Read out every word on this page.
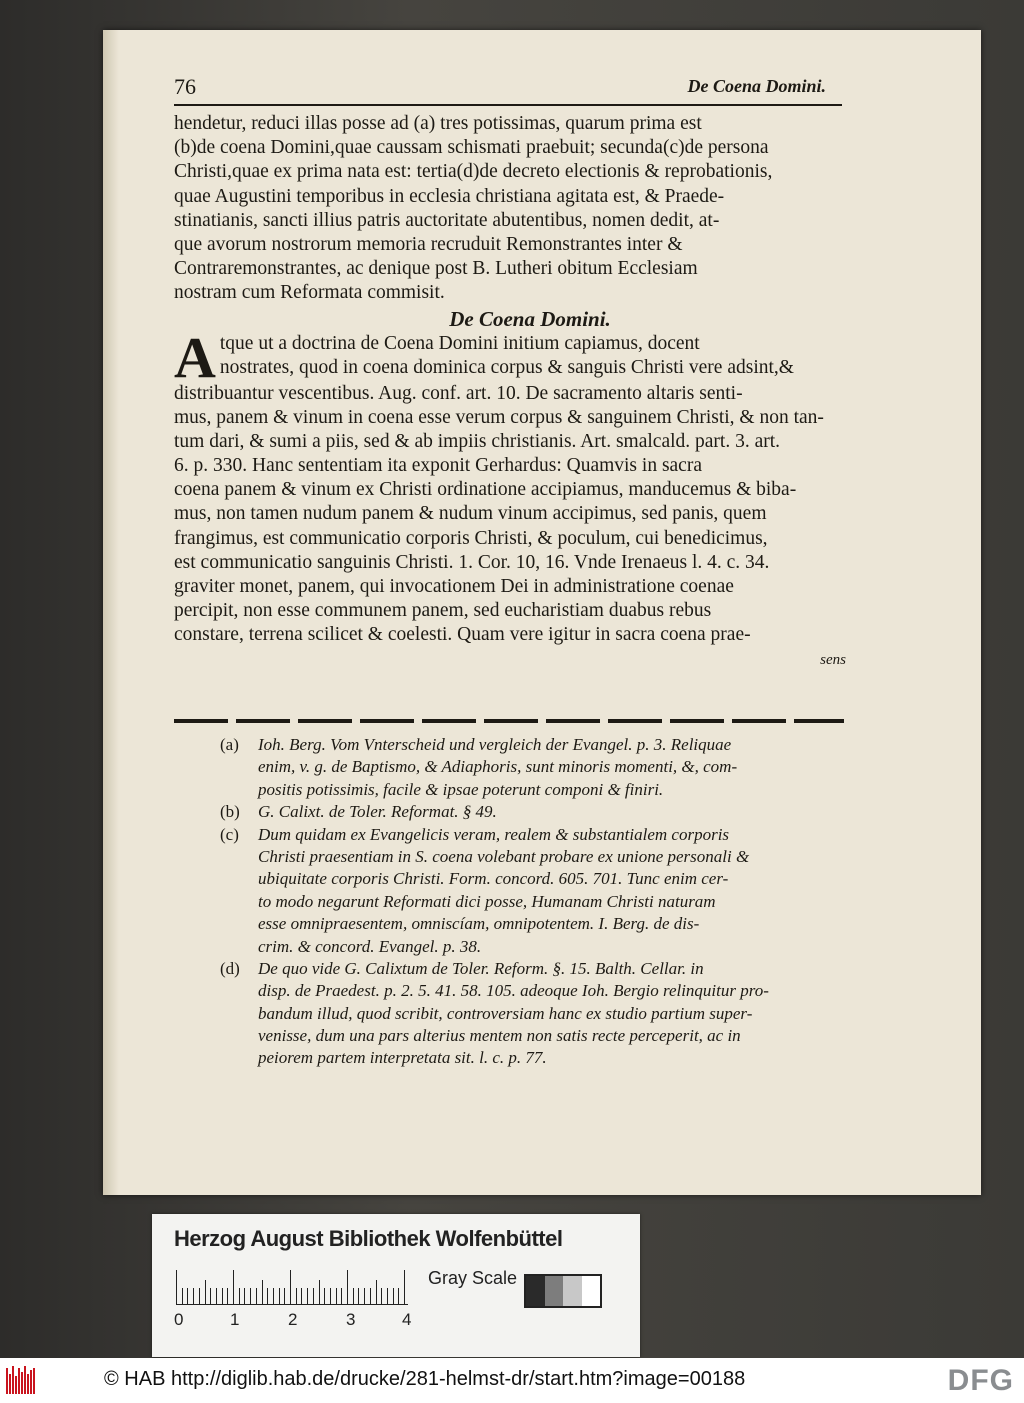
76	De Coena Domini.
hendetur, reduci illas posse ad (a) tres potissimas, quarum prima est
(b)de coena Domini,quae caussam schismati praebuit; secunda(c)de persona
Christi,quae ex prima nata est: tertia(d)de decreto electionis & reprobationis,
quae Augustini temporibus in ecclesia christiana agitata est, & Praede-
stinatianis, sancti illius patris auctoritate abutentibus, nomen dedit, at-
que avorum nostrorum memoria recruduit Remonstrantes inter &
Contraremonstrantes, ac denique post B. Lutheri obitum Ecclesiam
nostram cum Reformata commisit.
De Coena Domini.
A tque ut a doctrina de Coena Domini initium capiamus, docent
nostrates, quod in coena dominica corpus & sanguis Christi vere adsint,&
distribuantur vescentibus. Aug. conf. art. 10. De sacramento altaris senti-
mus, panem & vinum in coena esse verum corpus & sanguinem Christi, & non tan-
tum dari, & sumi a piis, sed & ab impiis christianis. Art. smalcald. part. 3. art.
6. p. 330. Hanc sententiam ita exponit Gerhardus: Quamvis in sacra
coena panem & vinum ex Christi ordinatione accipiamus, manducemus & biba-
mus, non tamen nudum panem & nudum vinum accipimus, sed panis, quem
frangimus, est communicatio corporis Christi, & poculum, cui benedicimus,
est communicatio sanguinis Christi. 1. Cor. 10, 16. Vnde Irenaeus l. 4. c. 34.
graviter monet, panem, qui invocationem Dei in administratione coenae
percipit, non esse communem panem, sed eucharistiam duabus rebus
constare, terrena scilicet & coelesti. Quam vere igitur in sacra coena prae-
sens
(a) Ioh. Berg. Vom Vnterscheid und vergleich der Evangel. p. 3. Reliquae
enim, v. g. de Baptismo, & Adiaphoris, sunt minoris momenti, &, com-
positis potissimis, facile & ipsae poterunt componi & finiri.
(b) G. Calixt. de Toler. Reformat. § 49.
(c) Dum quidam ex Evangelicis veram, realem & substantialem corporis
Christi praesentiam in S. coena volebant probare ex unione personali &
ubiquitate corporis Christi. Form. concord. 605. 701. Tunc enim cer-
to modo negarunt Reformati dici posse, Humanam Christi naturam
esse omnipraesentem, omniscíam, omnipotentem. I. Berg. de dis-
crim. & concord. Evangel. p. 38.
(d) De quo vide G. Calixtum de Toler. Reform. §. 15. Balth. Cellar. in
disp. de Praedest. p. 2. 5. 41. 58. 105. adeoque Ioh. Bergio relinquitur pro-
bandum illud, quod scribit, controversiam hanc ex studio partium super-
venisse, dum una pars alterius mentem non satis recte perceperit, ac in
peiorem partem interpretata sit. l. c. p. 77.
Herzog August Bibliothek Wolfenbüttel
0	1	2	3	4
Gray Scale
© HAB http://diglib.hab.de/drucke/281-helmst-dr/start.htm?image=00188	DFG
